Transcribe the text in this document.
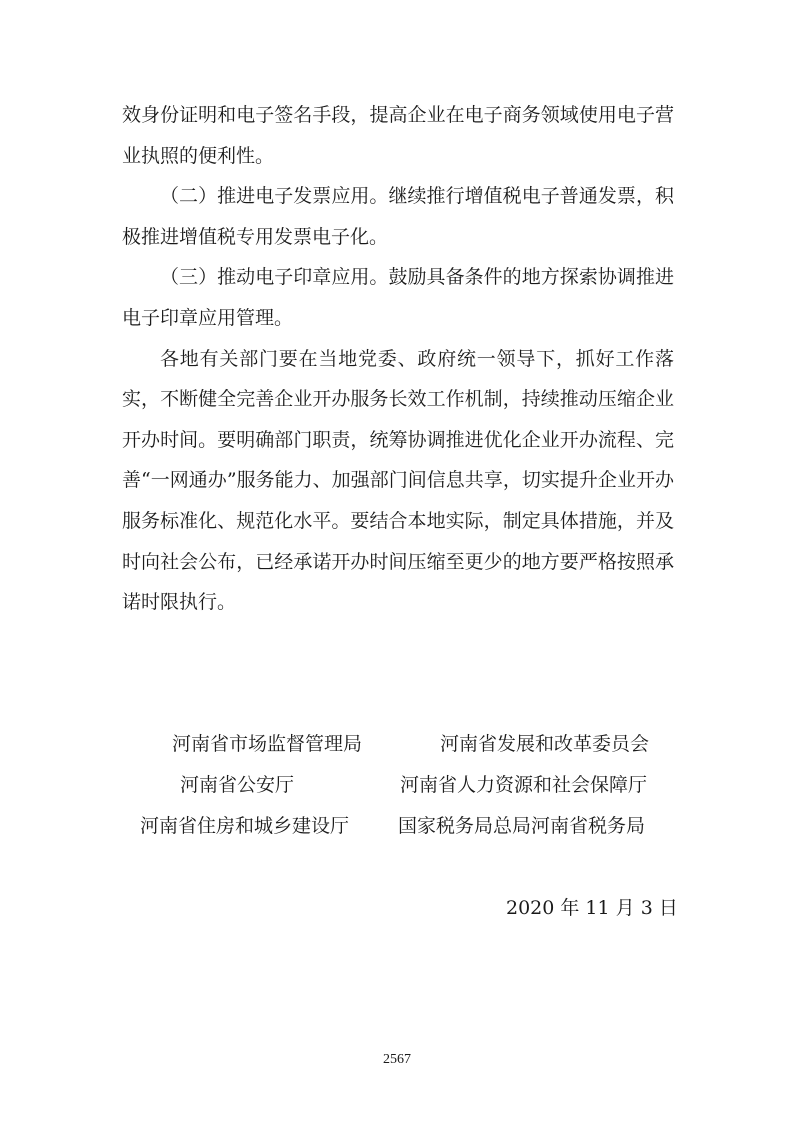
效身份证明和电子签名手段，提高企业在电子商务领域使用电子营业执照的便利性。

（二）推进电子发票应用。继续推行增值税电子普通发票，积极推进增值税专用发票电子化。

（三）推动电子印章应用。鼓励具备条件的地方探索协调推进电子印章应用管理。

各地有关部门要在当地党委、政府统一领导下，抓好工作落实，不断健全完善企业开办服务长效工作机制，持续推动压缩企业开办时间。要明确部门职责，统筹协调推进优化企业开办流程、完善“一网通办”服务能力、加强部门间信息共享，切实提升企业开办服务标准化、规范化水平。要结合本地实际，制定具体措施，并及时向社会公布，已经承诺开办时间压缩至更少的地方要严格按照承诺时限执行。

河南省市场监督管理局	河南省发展和改革委员会
河南省公安厅	河南省人力资源和社会保障厅
河南省住房和城乡建设厅	国家税务局总局河南省税务局
2020 年 11 月 3 日
2567
